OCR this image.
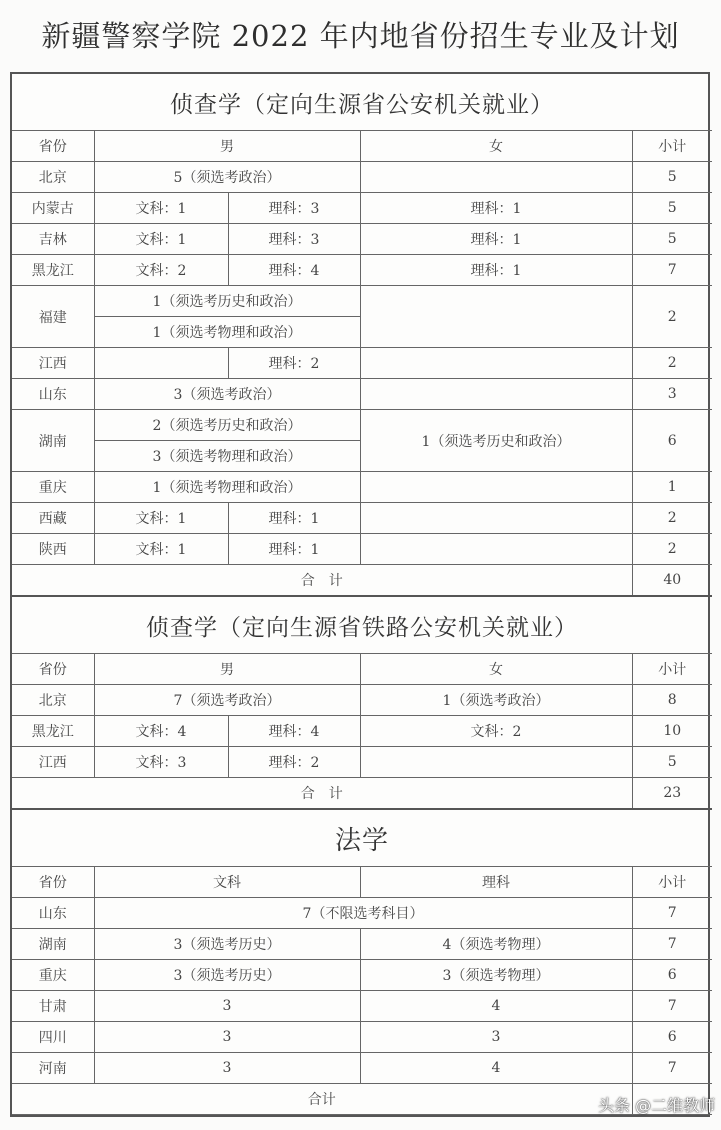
新疆警察学院 2022 年内地省份招生专业及计划
侦查学（定向生源省公安机关就业）				
省份	男		女	小计
北京	5（须选考政治）			5
内蒙古	文科：1	理科：3	理科：1	5
吉林	文科：1	理科：3	理科：1	5
黑龙江	文科：2	理科：4	理科：1	7
福建	1（须选考历史和政治）			2
	1（须选考物理和政治）			
江西		理科：2		2
山东	3（须选考政治）			3
湖南	2（须选考历史和政治）		1（须选考历史和政治）	6
	3（须选考物理和政治）			
重庆	1（须选考物理和政治）			1
西藏	文科：1	理科：1		2
陕西	文科：1	理科：1		2
合　计				40
侦查学（定向生源省铁路公安机关就业）				
省份	男		女	小计
北京	7（须选考政治）		1（须选考政治）	8
黑龙江	文科：4	理科：4	文科：2	10
江西	文科：3	理科：2		5
合　计				23
法学				
省份	文科		理科	小计
山东	7（不限选考科目）			7
湖南	3（须选考历史）		4（须选考物理）	7
重庆	3（须选考历史）		3（须选考物理）	6
甘肃	3		4	7
四川	3		3	6
河南	3		4	7
合计					头条 @二维教师
